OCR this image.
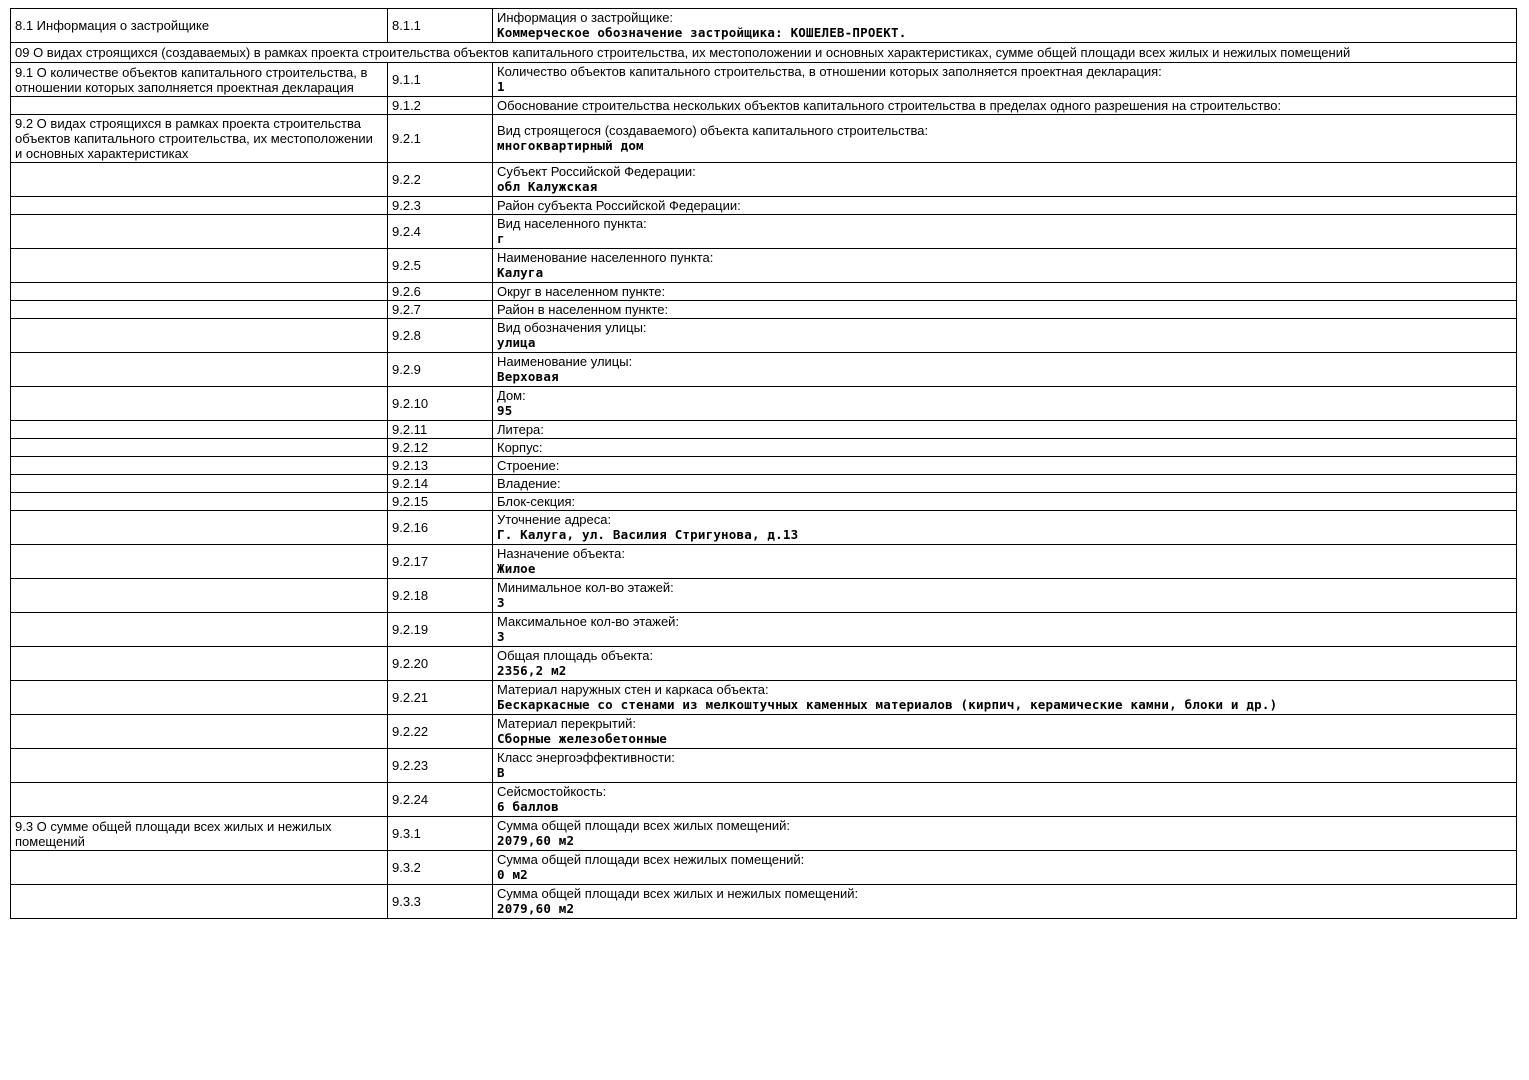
8.1 Информация о застройщике	8.1.1	Информация о застройщике:
Коммерческое обозначение застройщика: КОШЕЛЕВ-ПРОЕКТ.

09 О видах строящихся (создаваемых) в рамках проекта строительства объектов капитального строительства, их местоположении и основных характеристиках, сумме общей площади всех жилых и нежилых помещений		
9.1 О количестве объектов капитального строительства, в отношении которых заполняется проектная декларация	9.1.1	Количество объектов капитального строительства, в отношении которых заполняется проектная декларация:
1

	9.1.2	Обоснование строительства нескольких объектов капитального строительства в пределах одного разрешения на строительство:

9.2 О видах строящихся в рамках проекта строительства объектов капитального строительства, их местоположении и основных характеристиках	9.2.1	Вид строящегося (создаваемого) объекта капитального строительства:
многоквартирный дом

	9.2.2	Субъект Российской Федерации:
обл Калужская

	9.2.3	Район субъекта Российской Федерации:

	9.2.4	Вид населенного пункта:
г

	9.2.5	Наименование населенного пункта:
Калуга

	9.2.6	Округ в населенном пункте:

	9.2.7	Район в населенном пункте:

	9.2.8	Вид обозначения улицы:
улица

	9.2.9	Наименование улицы:
Верховая

	9.2.10	Дом:
95

	9.2.11	Литера:

	9.2.12	Корпус:

	9.2.13	Строение:

	9.2.14	Владение:

	9.2.15	Блок-секция:

	9.2.16	Уточнение адреса:
Г. Калуга, ул. Василия Стригунова, д.13

	9.2.17	Назначение объекта:
Жилое

	9.2.18	Минимальное кол-во этажей:
3

	9.2.19	Максимальное кол-во этажей:
3

	9.2.20	Общая площадь объекта:
2356,2 м2

	9.2.21	Материал наружных стен и каркаса объекта:
Бескаркасные со стенами из мелкоштучных каменных материалов (кирпич, керамические камни, блоки и др.)

	9.2.22	Материал перекрытий:
Сборные железобетонные

	9.2.23	Класс энергоэффективности:
B

	9.2.24	Сейсмостойкость:
6 баллов

9.3 О сумме общей площади всех жилых и нежилых помещений	9.3.1	Сумма общей площади всех жилых помещений:
2079,60 м2

	9.3.2	Сумма общей площади всех нежилых помещений:
0 м2

	9.3.3	Сумма общей площади всех жилых и нежилых помещений:
2079,60 м2
